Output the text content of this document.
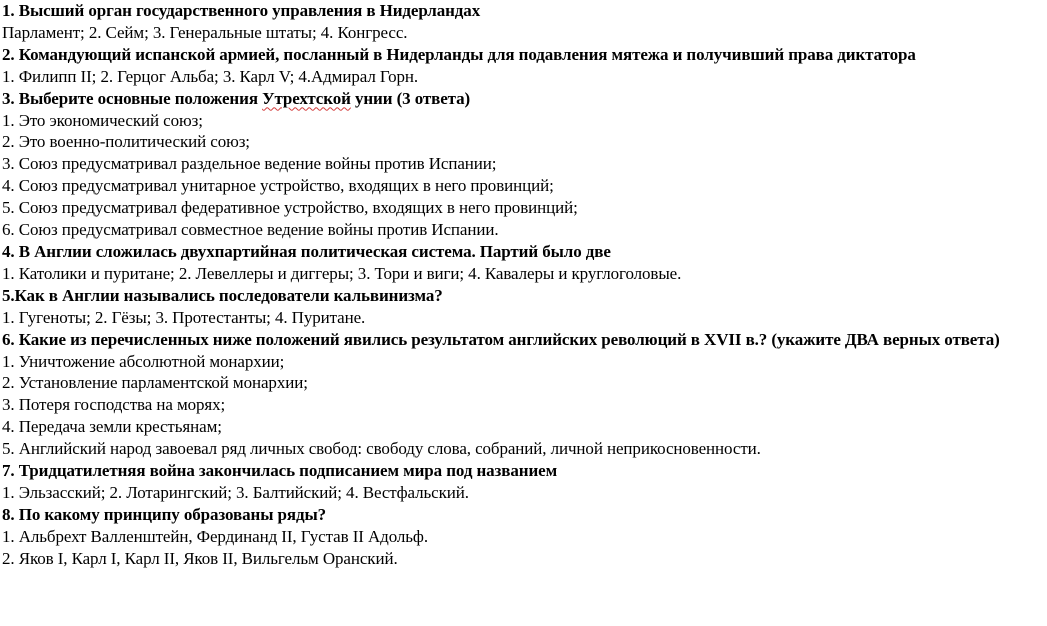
1. Высший орган государственного управления в Нидерландах
Парламент; 2. Сейм; 3. Генеральные штаты; 4. Конгресс.
2. Командующий испанской армией, посланный в Нидерланды для подавления мятежа и получивший права диктатора
1. Филипп II; 2. Герцог Альба; 3. Карл V; 4.Адмирал Горн.
3. Выберите основные положения Утрехтской унии (3 ответа)
1. Это экономический союз;
2. Это военно-политический союз;
3. Союз предусматривал раздельное ведение войны против Испании;
4. Союз предусматривал унитарное устройство, входящих в него провинций;
5. Союз предусматривал федеративное устройство, входящих в него провинций;
6. Союз предусматривал совместное ведение войны против Испании.
4. В Англии сложилась двухпартийная политическая система. Партий было две
1. Католики и пуритане; 2. Левеллеры и диггеры; 3. Тори и виги; 4. Кавалеры и круглоголовые.
5.Как в Англии назывались последователи кальвинизма?
1. Гугеноты; 2. Гёзы; 3. Протестанты; 4. Пуритане.
6. Какие из перечисленных ниже положений явились результатом английских революций в XVII в.? (укажите ДВА верных ответа)
1. Уничтожение абсолютной монархии;
2. Установление парламентской монархии;
3. Потеря господства на морях;
4. Передача земли крестьянам;
5. Английский народ завоевал ряд личных свобод: свободу слова, собраний, личной неприкосновенности.
7. Тридцатилетняя война закончилась подписанием мира под названием
1. Эльзасский; 2. Лотарингский; 3. Балтийский; 4. Вестфальский.
8. По какому принципу образованы ряды?
1. Альбрехт Валленштейн, Фердинанд II, Густав II Адольф.
2. Яков I, Карл I, Карл II, Яков II, Вильгельм Оранский.
